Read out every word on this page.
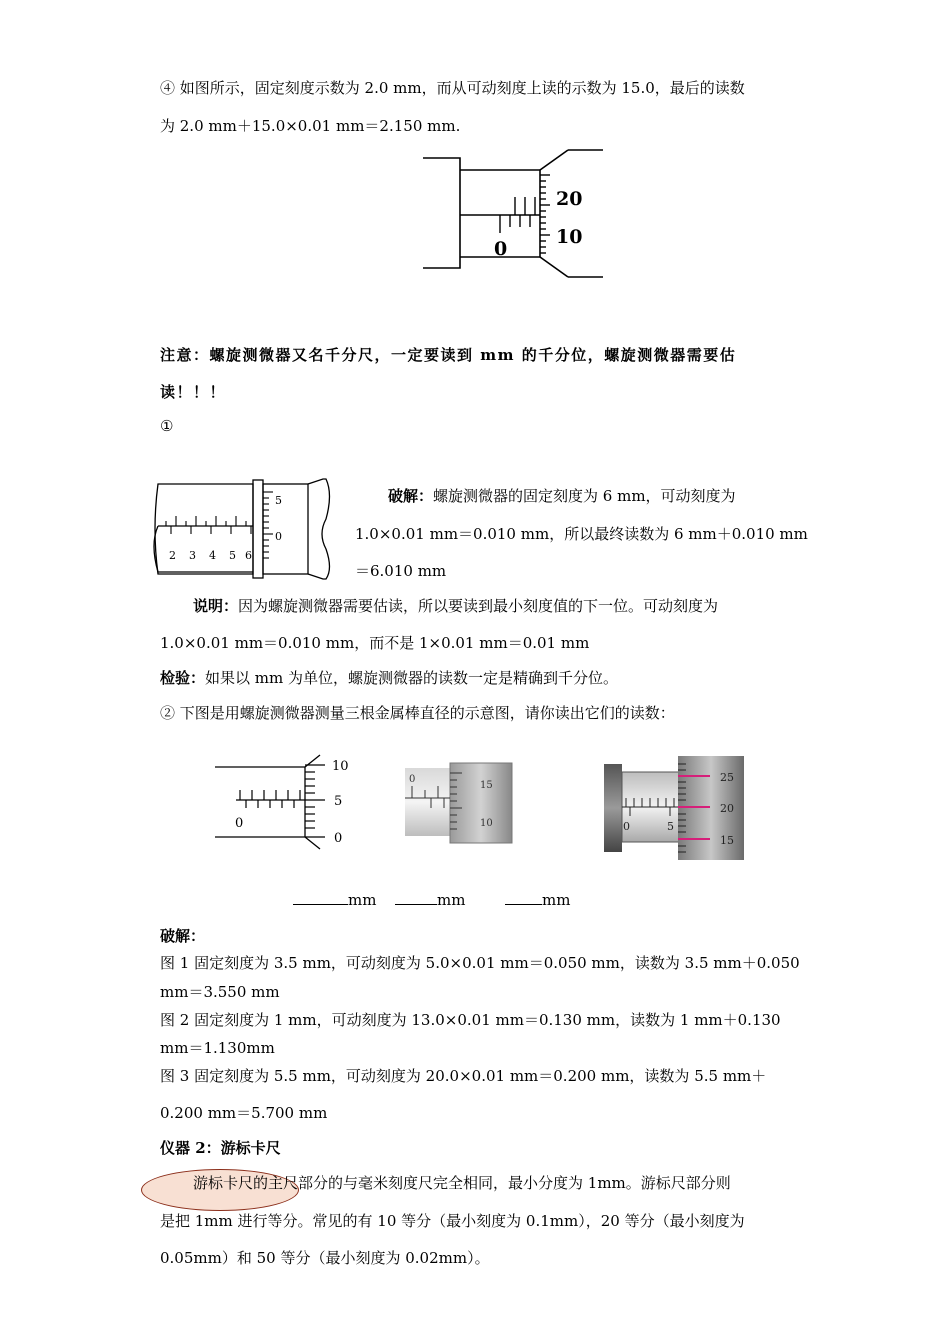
④ 如图所示，固定刻度示数为 2.0 mm，而从可动刻度上读的示数为 15.0，最后的读数
为 2.0 mm＋15.0×0.01 mm＝2.150 mm.
20
10
0
注意：螺旋测微器又名千分尺，一定要读到 mm 的千分位，螺旋测微器需要估
读！！！
①
2 3 4 5 6
5
0
破解：螺旋测微器的固定刻度为 6 mm，可动刻度为
1.0×0.01 mm＝0.010 mm，所以最终读数为 6 mm＋0.010 mm
＝6.010 mm
说明：因为螺旋测微器需要估读，所以要读到最小刻度值的下一位。可动刻度为
1.0×0.01 mm＝0.010 mm，而不是 1×0.01 mm＝0.01 mm
检验：如果以 mm 为单位，螺旋测微器的读数一定是精确到千分位。
② 下图是用螺旋测微器测量三根金属棒直径的示意图，请你读出它们的读数：
10
5
0
0
15
10
0	25
20
15
0	5
mm	mm	mm
破解：
图 1 固定刻度为 3.5 mm，可动刻度为 5.0×0.01 mm＝0.050 mm，读数为 3.5 mm＋0.050
mm＝3.550 mm
图 2 固定刻度为 1 mm，可动刻度为 13.0×0.01 mm＝0.130 mm，读数为 1 mm＋0.130
mm＝1.130mm
图 3 固定刻度为 5.5 mm，可动刻度为 20.0×0.01 mm＝0.200 mm，读数为 5.5 mm＋
0.200 mm＝5.700 mm
仪器 2：游标卡尺
游标卡尺的主尺部分的与毫米刻度尺完全相同，最小分度为 1mm。游标尺部分则
是把 1mm 进行等分。常见的有 10 等分（最小刻度为 0.1mm），20 等分（最小刻度为
0.05mm）和 50 等分（最小刻度为 0.02mm）。
